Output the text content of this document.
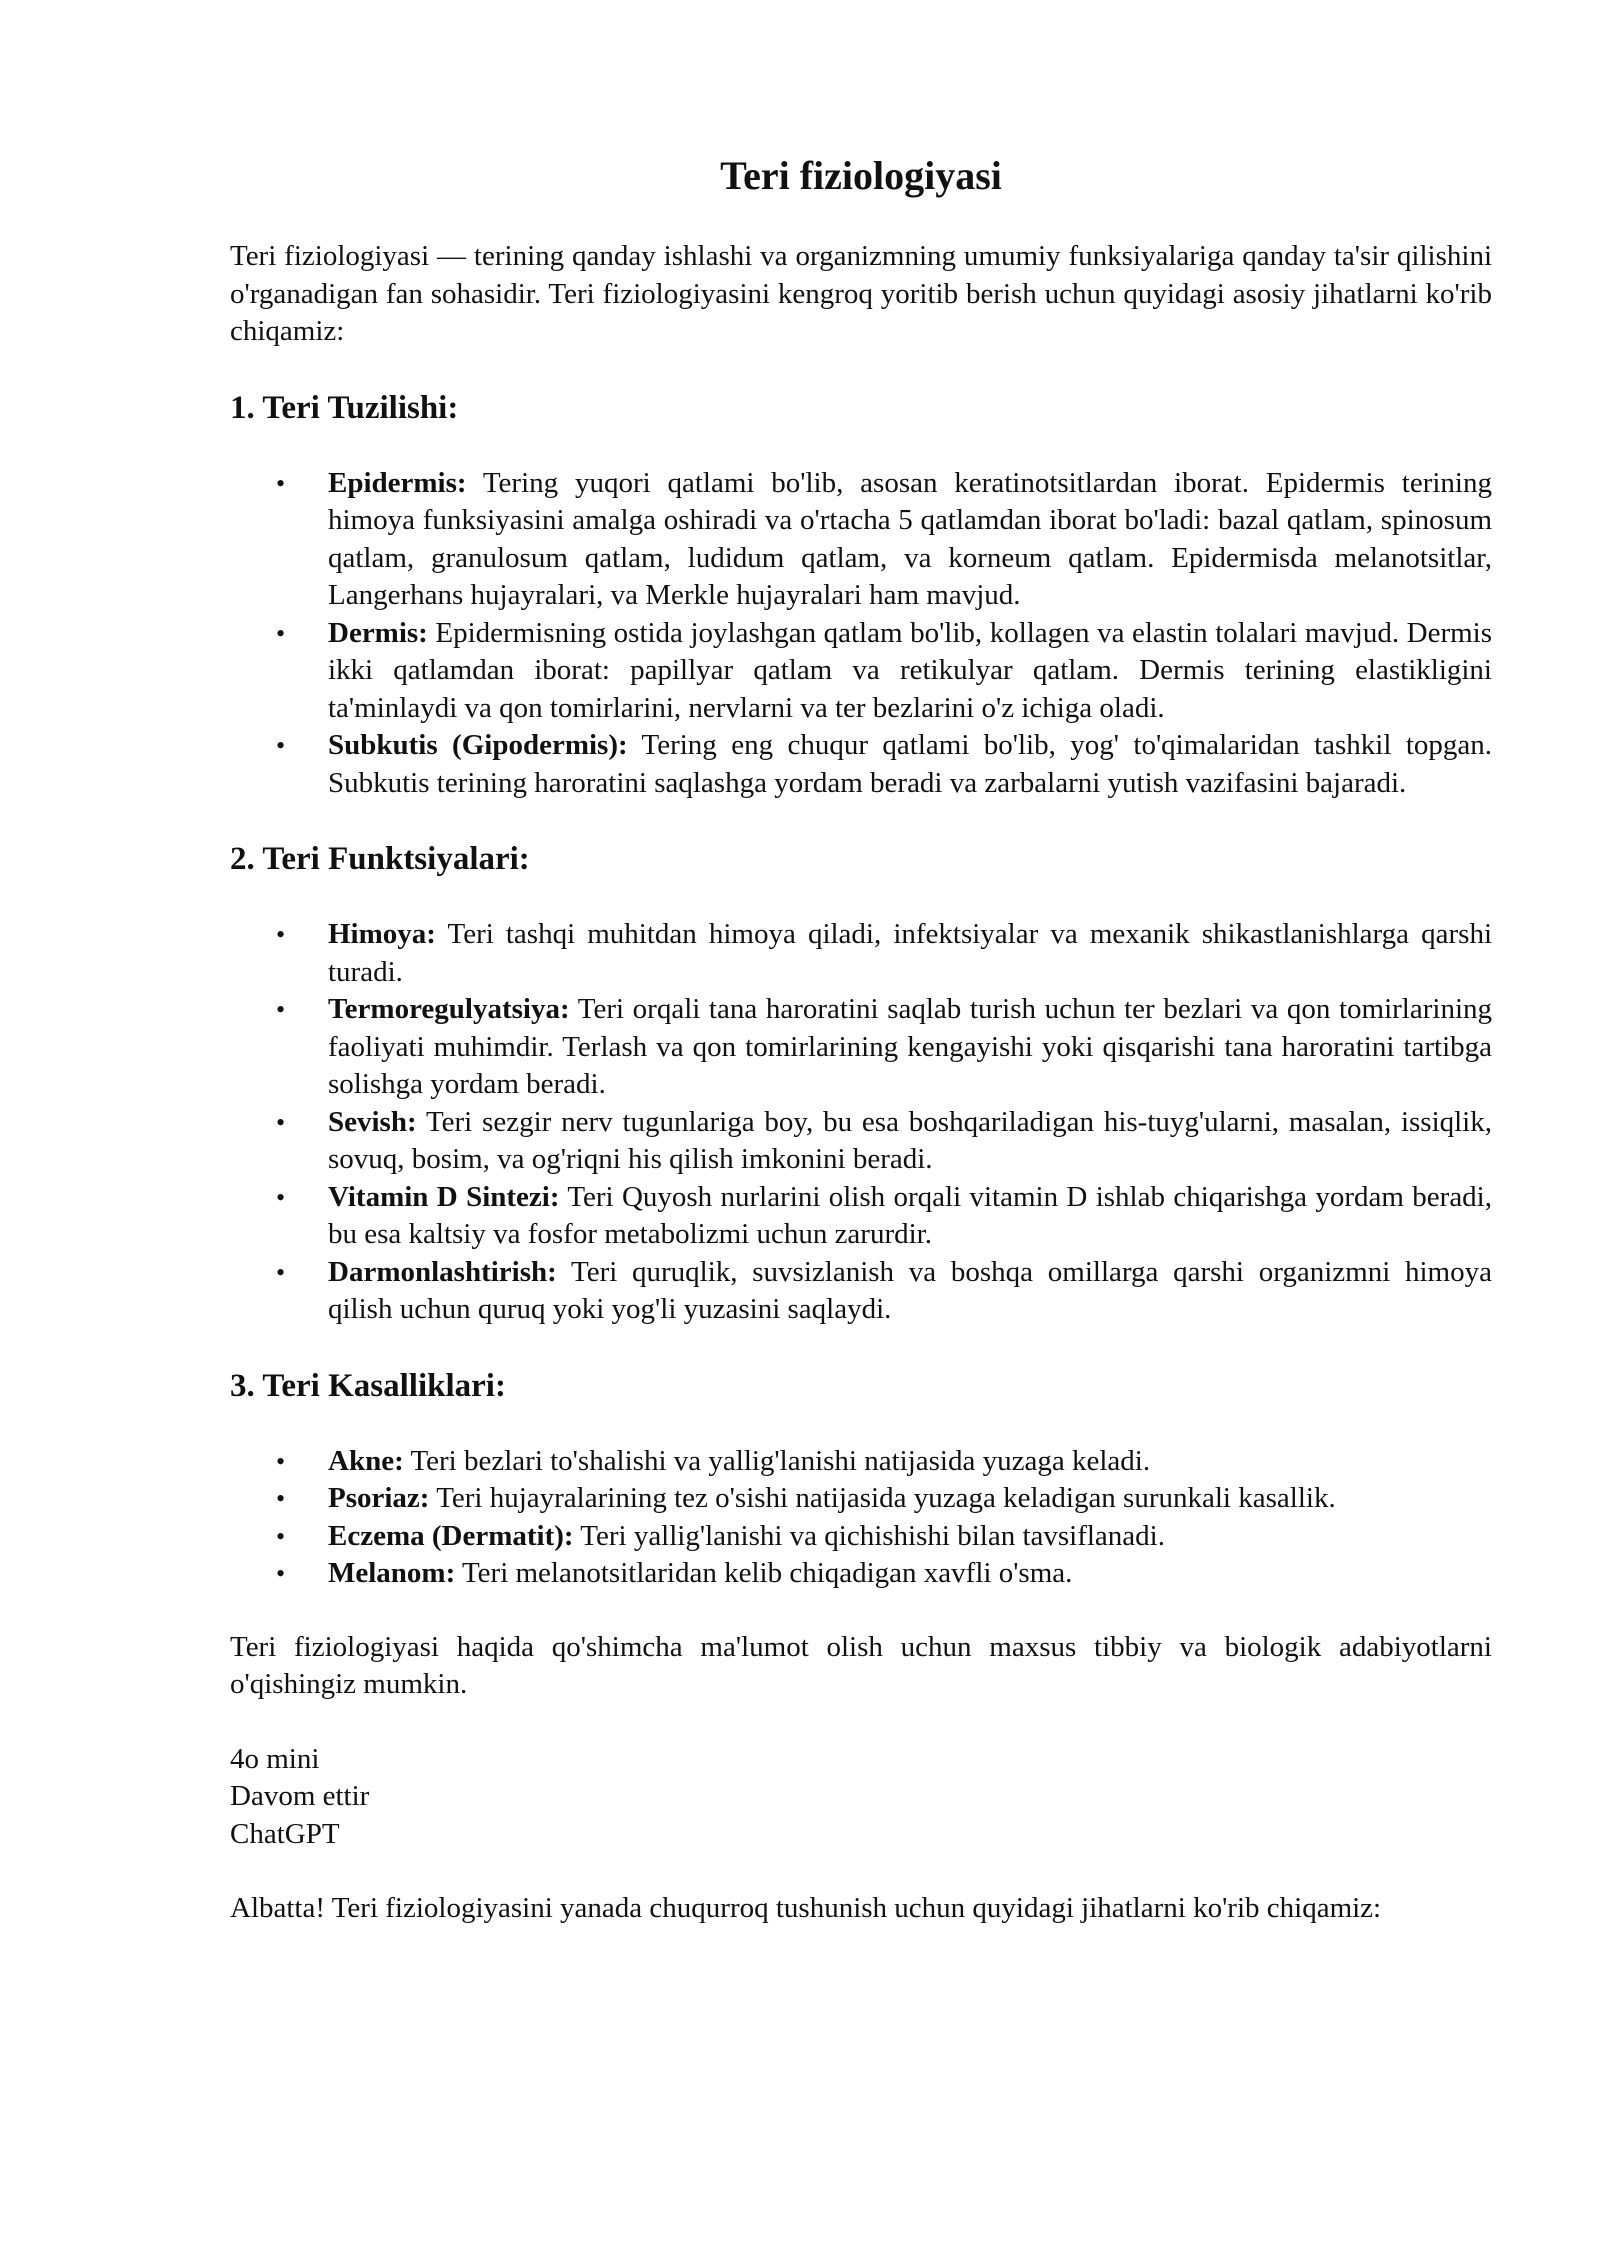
Teri fiziologiyasi

Teri fiziologiyasi — terining qanday ishlashi va organizmning umumiy funksiyalariga qanday ta'sir qilishini o'rganadigan fan sohasidir. Teri fiziologiyasini kengroq yoritib berish uchun quyidagi asosiy jihatlarni ko'rib chiqamiz:

1. Teri Tuzilishi:
• Epidermis: Tering yuqori qatlami bo'lib, asosan keratinotsitlardan iborat. Epidermis terining himoya funksiyasini amalga oshiradi va o'rtacha 5 qatlamdan iborat bo'ladi: bazal qatlam, spinosum qatlam, granulosum qatlam, ludidum qatlam, va korneum qatlam. Epidermisda melanotsitlar, Langerhans hujayralari, va Merkle hujayralari ham mavjud.
• Dermis: Epidermisning ostida joylashgan qatlam bo'lib, kollagen va elastin tolalari mavjud. Dermis ikki qatlamdan iborat: papillyar qatlam va retikulyar qatlam. Dermis terining elastikligini ta'minlaydi va qon tomirlarini, nervlarni va ter bezlarini o'z ichiga oladi.
• Subkutis (Gipodermis): Tering eng chuqur qatlami bo'lib, yog' to'qimalaridan tashkil topgan. Subkutis terining haroratini saqlashga yordam beradi va zarbalarni yutish vazifasini bajaradi.
2. Teri Funktsiyalari:
• Himoya: Teri tashqi muhitdan himoya qiladi, infektsiyalar va mexanik shikastlanishlarga qarshi turadi.
• Termoregulyatsiya: Teri orqali tana haroratini saqlab turish uchun ter bezlari va qon tomirlarining faoliyati muhimdir. Terlash va qon tomirlarining kengayishi yoki qisqarishi tana haroratini tartibga solishga yordam beradi.
• Sevish: Teri sezgir nerv tugunlariga boy, bu esa boshqariladigan his-tuyg'ularni, masalan, issiqlik, sovuq, bosim, va og'riqni his qilish imkonini beradi.
• Vitamin D Sintezi: Teri Quyosh nurlarini olish orqali vitamin D ishlab chiqarishga yordam beradi, bu esa kaltsiy va fosfor metabolizmi uchun zarurdir.
• Darmonlashtirish: Teri quruqlik, suvsizlanish va boshqa omillarga qarshi organizmni himoya qilish uchun quruq yoki yog'li yuzasini saqlaydi.
3. Teri Kasalliklari:
• Akne: Teri bezlari to'shalishi va yallig'lanishi natijasida yuzaga keladi.
• Psoriaz: Teri hujayralarining tez o'sishi natijasida yuzaga keladigan surunkali kasallik.
• Eczema (Dermatit): Teri yallig'lanishi va qichishishi bilan tavsiflanadi.
• Melanom: Teri melanotsitlaridan kelib chiqadigan xavfli o'sma.

Teri fiziologiyasi haqida qo'shimcha ma'lumot olish uchun maxsus tibbiy va biologik adabiyotlarni o'qishingiz mumkin.

4o mini
Davom ettir
ChatGPT

Albatta! Teri fiziologiyasini yanada chuqurroq tushunish uchun quyidagi jihatlarni ko'rib chiqamiz:
